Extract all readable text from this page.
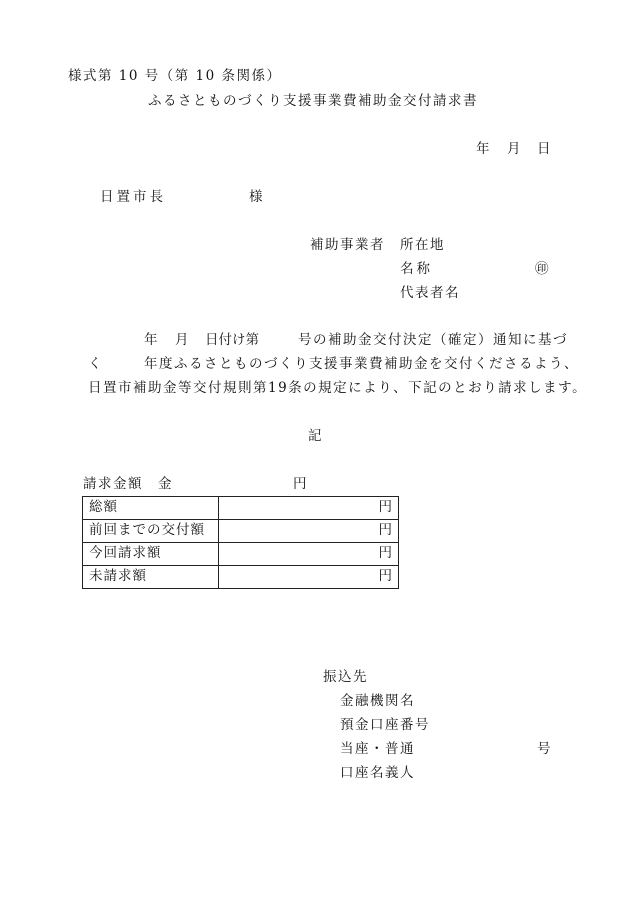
様式第 10 号（第 10 条関係）
ふるさとものづくり支援事業費補助金交付請求書
年 月 日
日置市長	様
補助事業者 所在地
名称	㊞
代表者名
年 月 日付け第	号の補助金交付決定（確定）通知に基づ
く	年度ふるさとものづくり支援事業費補助金を交付くださるよう、
日置市補助金等交付規則第19条の規定により、下記のとおり請求します。
記
請求金額 金	円
総額	円
前回までの交付額	円
今回請求額	円
未請求額	円
振込先
金融機関名
預金口座番号
当座・普通	号
口座名義人
